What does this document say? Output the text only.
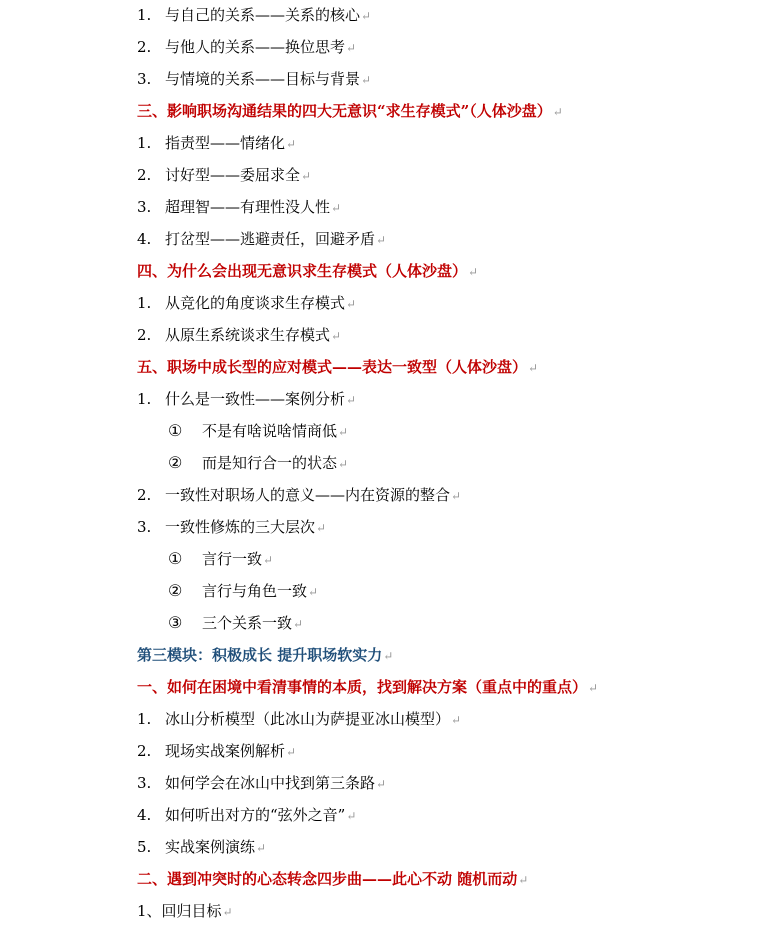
1. 与自己的关系——关系的核心↵
2. 与他人的关系——换位思考↵
3. 与情境的关系——目标与背景↵
三、影响职场沟通结果的四大无意识“求生存模式”（人体沙盘）↵
1. 指责型——情绪化↵
2. 讨好型——委屈求全↵
3. 超理智——有理性没人性↵
4. 打岔型——逃避责任，回避矛盾↵
四、为什么会出现无意识求生存模式（人体沙盘）↵
1. 从竞化的角度谈求生存模式↵
2. 从原生系统谈求生存模式↵
五、职场中成长型的应对模式——表达一致型（人体沙盘）↵
1. 什么是一致性——案例分析↵
① 不是有啥说啥情商低↵
② 而是知行合一的状态↵
2. 一致性对职场人的意义——内在资源的整合↵
3. 一致性修炼的三大层次↵
① 言行一致↵
② 言行与角色一致↵
③ 三个关系一致↵
第三模块：积极成长 提升职场软实力↵
一、如何在困境中看清事情的本质，找到解决方案（重点中的重点）↵
1. 冰山分析模型（此冰山为萨提亚冰山模型）↵
2. 现场实战案例解析↵
3. 如何学会在冰山中找到第三条路↵
4. 如何听出对方的“弦外之音”↵
5. 实战案例演练↵
二、遇到冲突时的心态转念四步曲——此心不动 随机而动↵
1、回归目标↵
